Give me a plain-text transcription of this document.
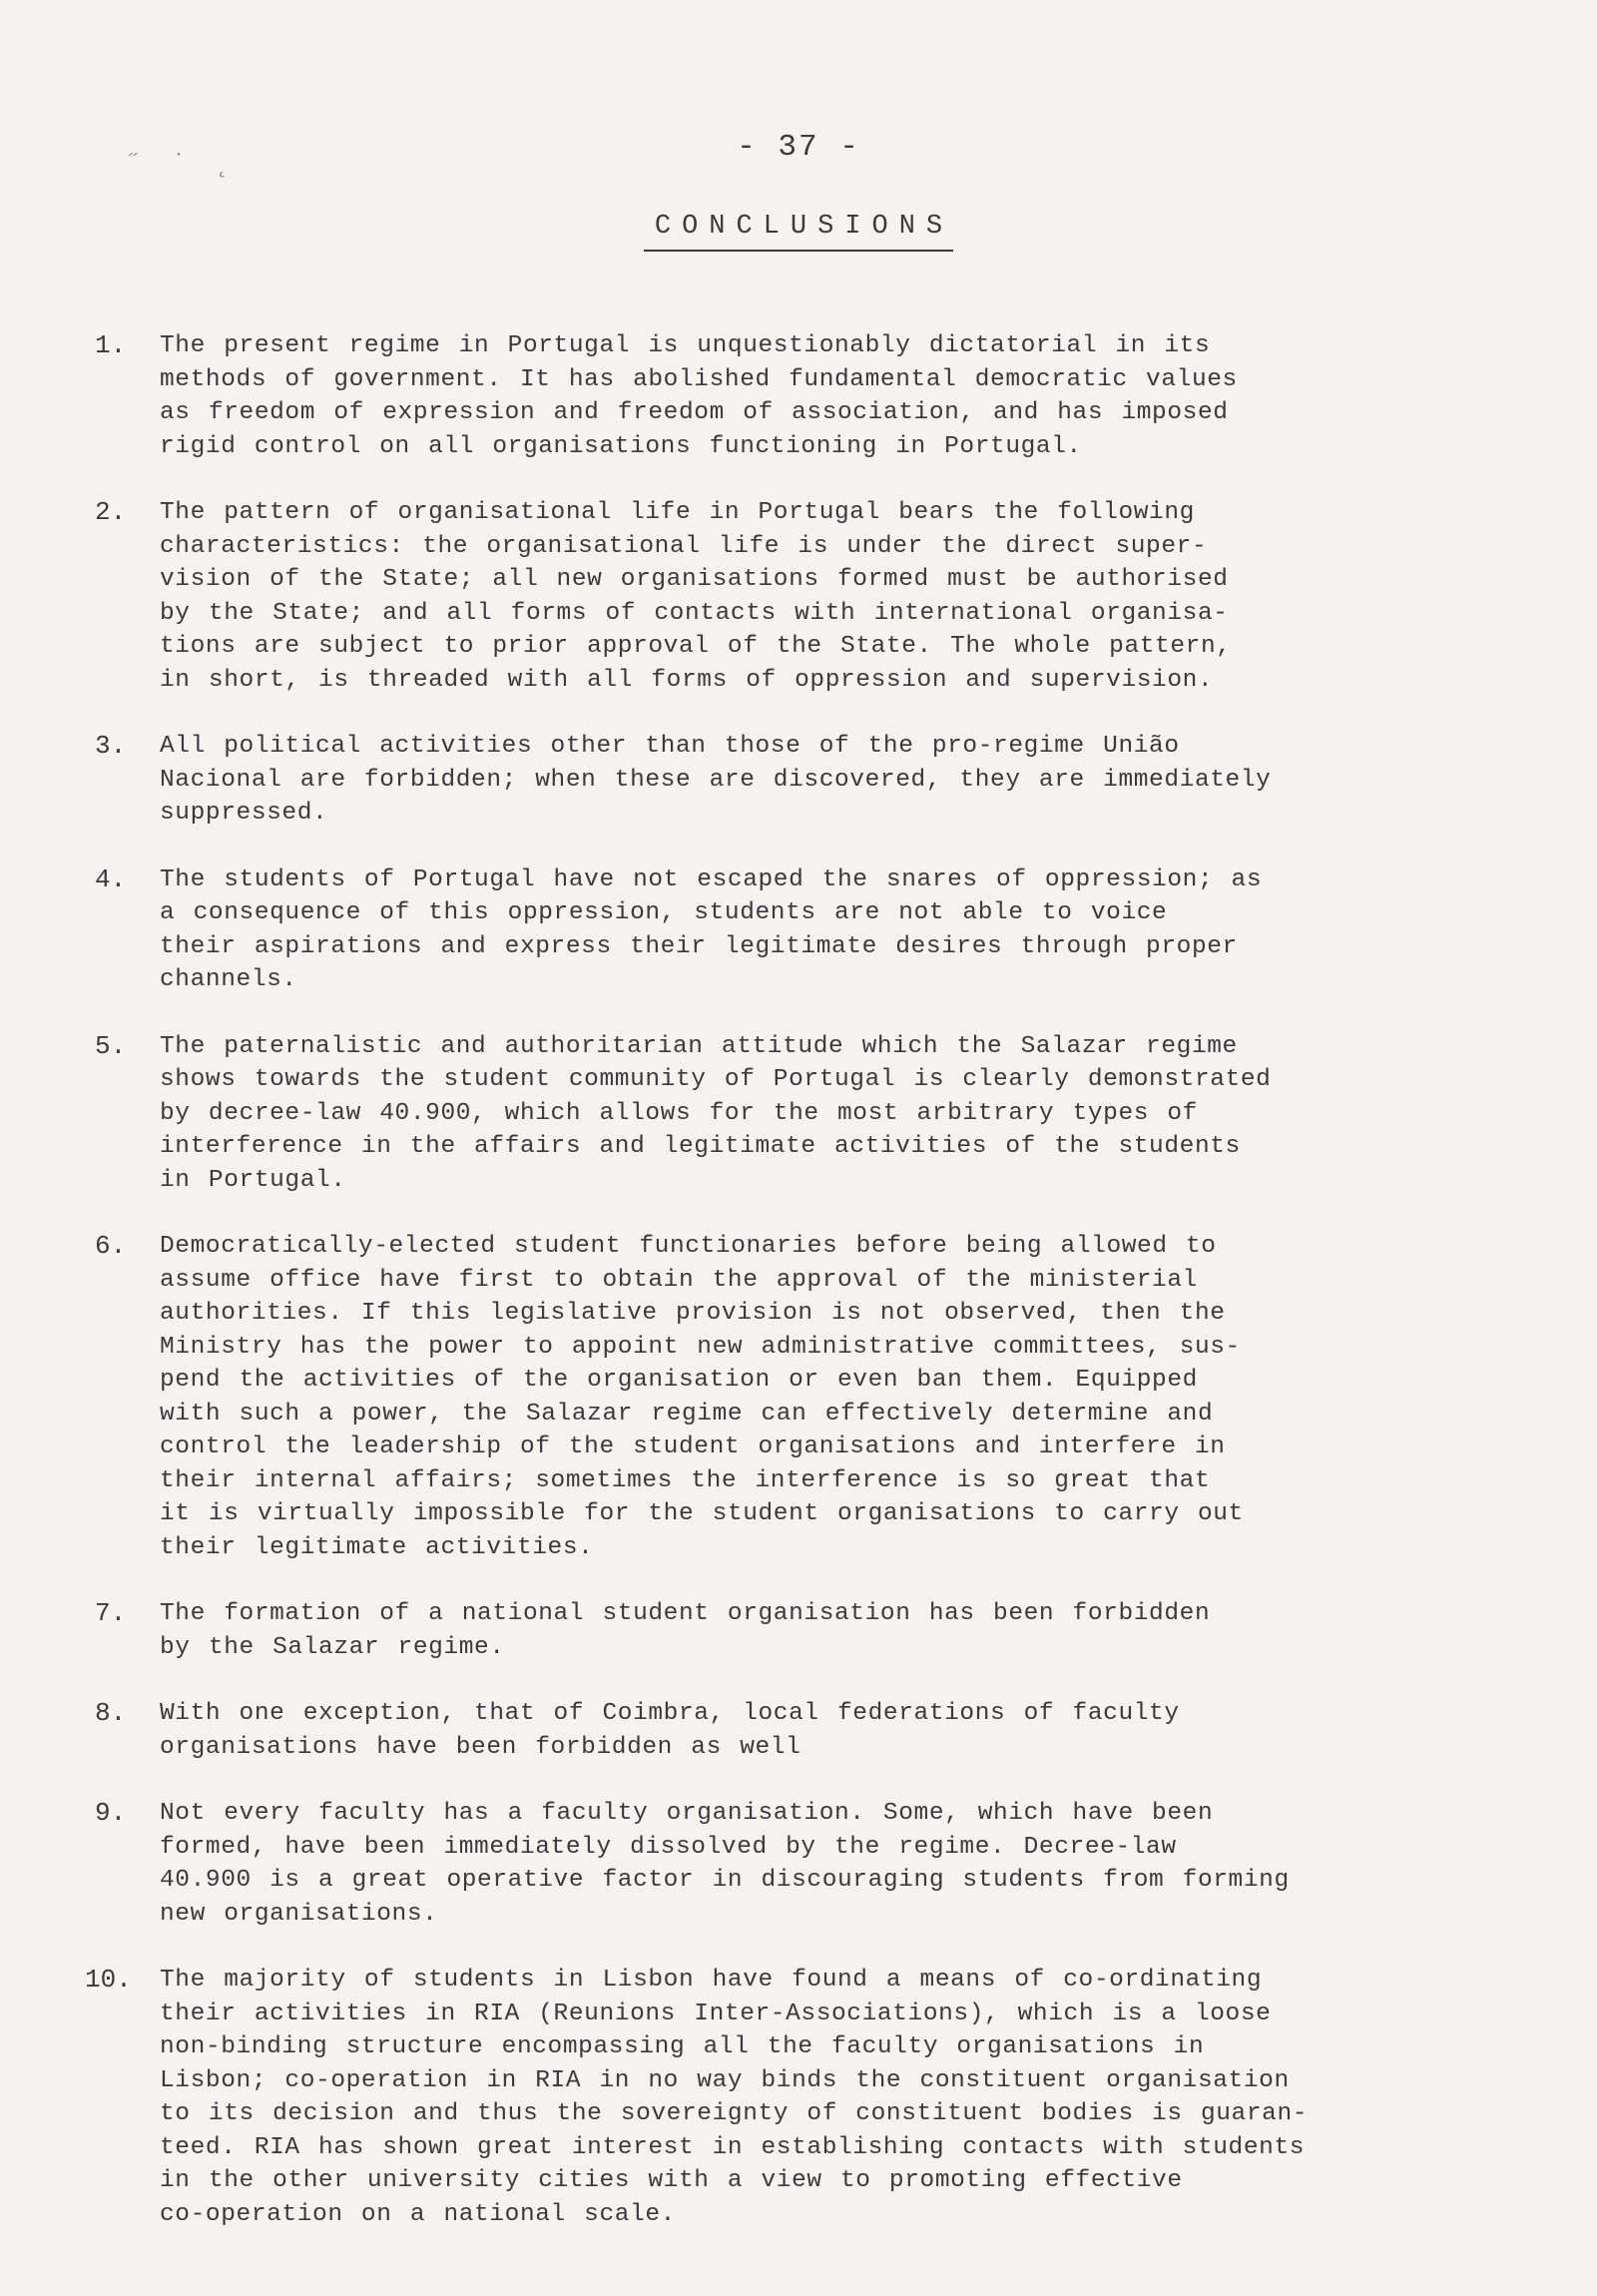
˝ ˙ ˛	- 37 -
CONCLUSIONS
1.	The present regime in Portugal is unquestionably dictatorial in its
methods of government. It has abolished fundamental democratic values
as freedom of expression and freedom of association, and has imposed
rigid control on all organisations functioning in Portugal.
2.	The pattern of organisational life in Portugal bears the following
characteristics: the organisational life is under the direct super-
vision of the State; all new organisations formed must be authorised
by the State; and all forms of contacts with international organisa-
tions are subject to prior approval of the State. The whole pattern,
in short, is threaded with all forms of oppression and supervision.
3.	All political activities other than those of the pro-regime União
Nacional are forbidden; when these are discovered, they are immediately
suppressed.
4.	The students of Portugal have not escaped the snares of oppression; as
a consequence of this oppression, students are not able to voice
their aspirations and express their legitimate desires through proper
channels.
5.	The paternalistic and authoritarian attitude which the Salazar regime
shows towards the student community of Portugal is clearly demonstrated
by decree-law 40.900, which allows for the most arbitrary types of
interference in the affairs and legitimate activities of the students
in Portugal.
6.	Democratically-elected student functionaries before being allowed to
assume office have first to obtain the approval of the ministerial
authorities. If this legislative provision is not observed, then the
Ministry has the power to appoint new administrative committees, sus-
pend the activities of the organisation or even ban them. Equipped
with such a power, the Salazar regime can effectively determine and
control the leadership of the student organisations and interfere in
their internal affairs; sometimes the interference is so great that
it is virtually impossible for the student organisations to carry out
their legitimate activities.
7.	The formation of a national student organisation has been forbidden
by the Salazar regime.
8.	With one exception, that of Coimbra, local federations of faculty
organisations have been forbidden as well
9.	Not every faculty has a faculty organisation. Some, which have been
formed, have been immediately dissolved by the regime. Decree-law
40.900 is a great operative factor in discouraging students from forming
new organisations.
10.	The majority of students in Lisbon have found a means of co-ordinating
their activities in RIA (Reunions Inter-Associations), which is a loose
non-binding structure encompassing all the faculty organisations in
Lisbon; co-operation in RIA in no way binds the constituent organisation
to its decision and thus the sovereignty of constituent bodies is guaran-
teed. RIA has shown great interest in establishing contacts with students
in the other university cities with a view to promoting effective
co-operation on a national scale.
